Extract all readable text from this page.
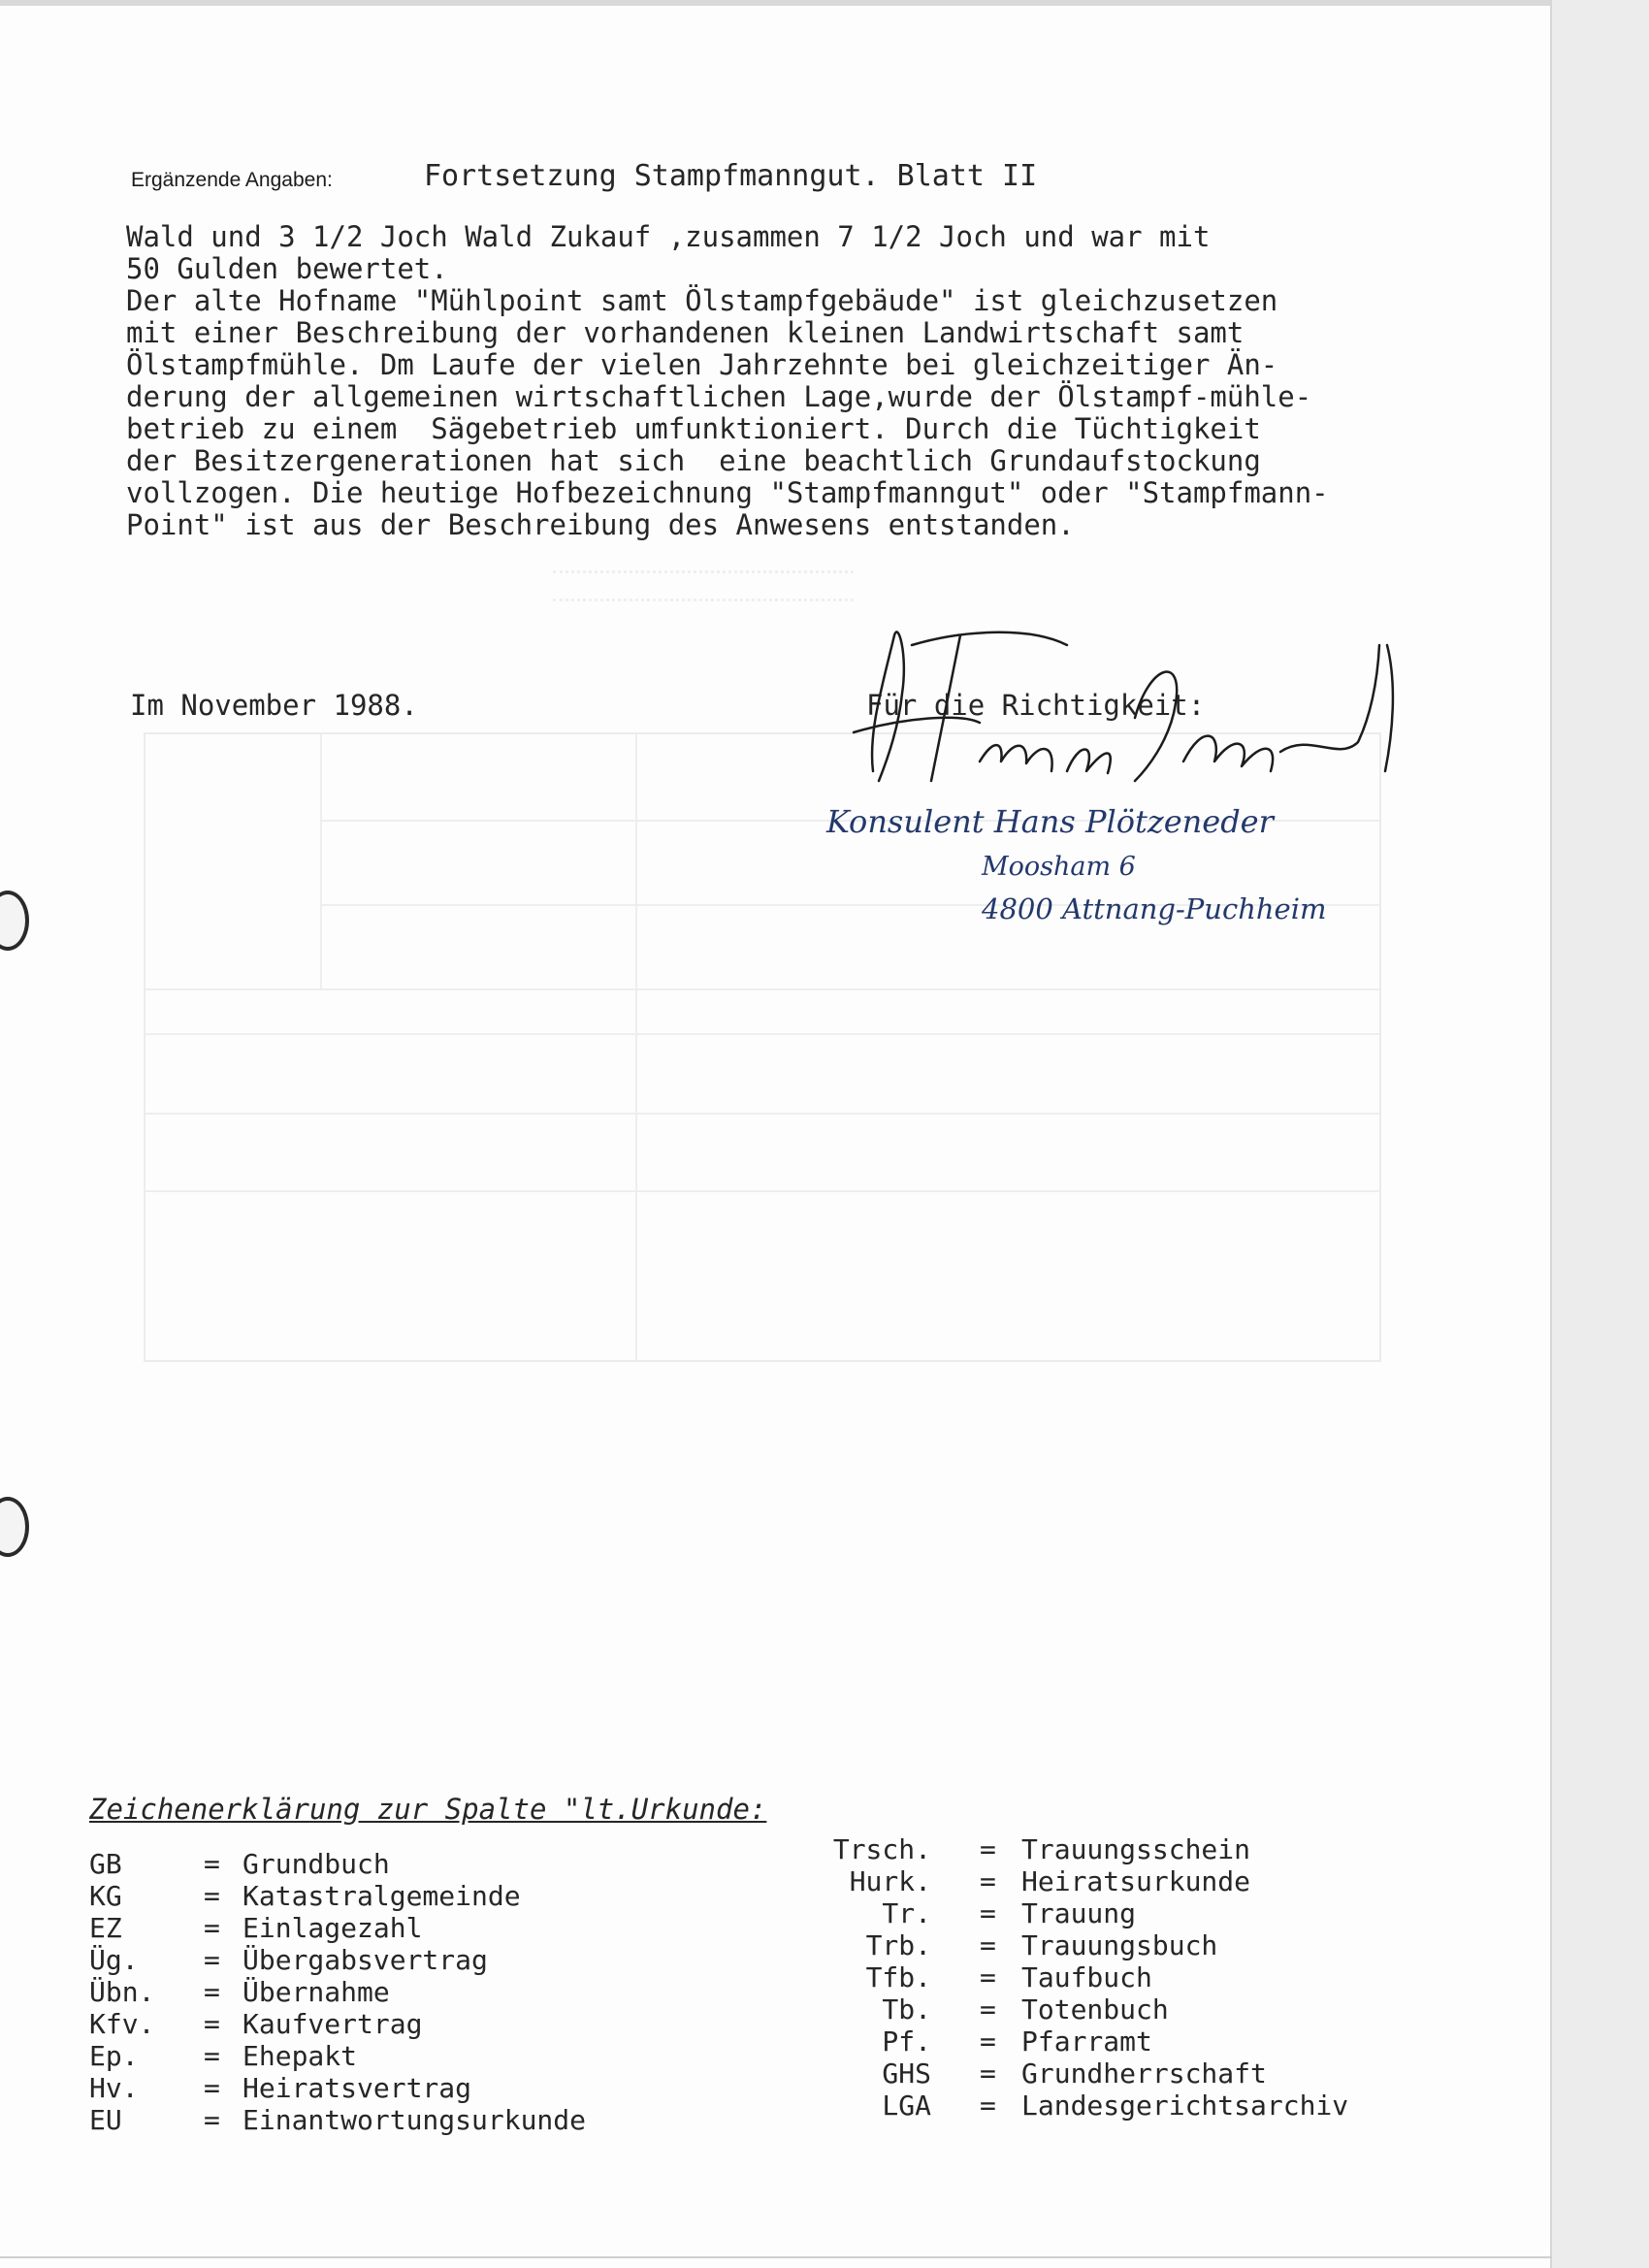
Ergänzende Angaben:	Fortsetzung Stampfmanngut. Blatt II
Wald und 3 1/2 Joch Wald Zukauf ,zusammen 7 1/2 Joch und war mit
50 Gulden bewertet.
Der alte Hofname "Mühlpoint samt Ölstampfgebäude" ist gleichzusetzen
mit einer Beschreibung der vorhandenen kleinen Landwirtschaft samt
Ölstampfmühle. Dm Laufe der vielen Jahrzehnte bei gleichzeitiger Än-
derung der allgemeinen wirtschaftlichen Lage,wurde der Ölstampf-mühle-
betrieb zu einem  Sägebetrieb umfunktioniert. Durch die Tüchtigkeit
der Besitzergenerationen hat sich  eine beachtlich Grundaufstockung
vollzogen. Die heutige Hofbezeichnung "Stampfmanngut" oder "Stampfmann-
Point" ist aus der Beschreibung des Anwesens entstanden.
Im November 1988.	Für die Richtigkeit:
Konsulent Hans Plötzeneder
Moosham 6
4800 Attnang-Puchheim
Zeichenerklärung zur Spalte "lt.Urkunde:
GB	= Grundbuch
KG	= Katastralgemeinde
EZ	= Einlagezahl
Üg.	= Übergabsvertrag
Übn.	= Übernahme
Kfv.	= Kaufvertrag
Ep.	= Ehepakt
Hv.	= Heiratsvertrag
EU	= Einantwortungsurkunde
Trsch. = Trauungsschein
Hurk. = Heiratsurkunde
Tr. = Trauung
Trb. = Trauungsbuch
Tfb. = Taufbuch
Tb. = Totenbuch
Pf. = Pfarramt
GHS = Grundherrschaft
LGA = Landesgerichtsarchiv
